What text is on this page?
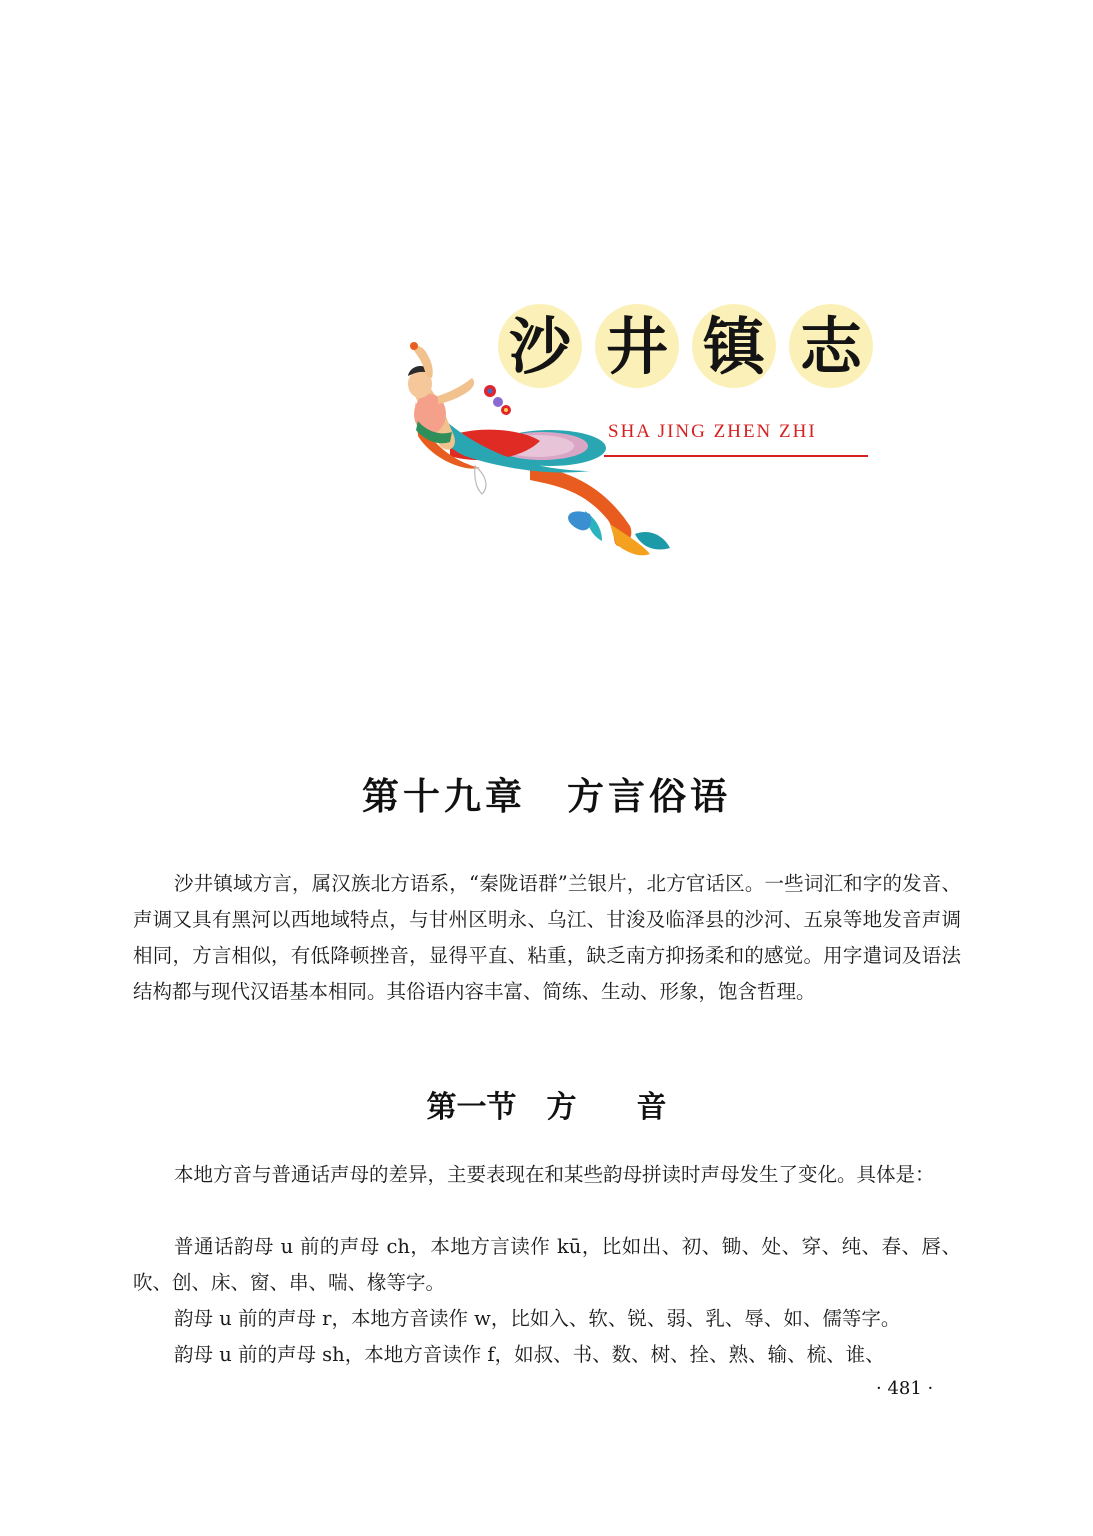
沙 井 镇 志
SHA JING ZHEN ZHI
第十九章　方言俗语

沙井镇域方言，属汉族北方语系，“秦陇语群”兰银片，北方官话区。一些词汇和字的发音、声调又具有黑河以西地域特点，与甘州区明永、乌江、甘浚及临泽县的沙河、五泉等地发音声调相同，方言相似，有低降顿挫音，显得平直、粘重，缺乏南方抑扬柔和的感觉。用字遣词及语法结构都与现代汉语基本相同。其俗语内容丰富、简练、生动、形象，饱含哲理。

第一节　方　　音

本地方音与普通话声母的差异，主要表现在和某些韵母拼读时声母发生了变化。具体是：

普通话韵母 u 前的声母 ch，本地方言读作 kū，比如出、初、锄、处、穿、纯、春、唇、吹、创、床、窗、串、喘、椽等字。

韵母 u 前的声母 r，本地方音读作 w，比如入、软、锐、弱、乳、辱、如、儒等字。

韵母 u 前的声母 sh，本地方音读作 f，如叔、书、数、树、拴、熟、输、梳、谁、

· 481 ·
